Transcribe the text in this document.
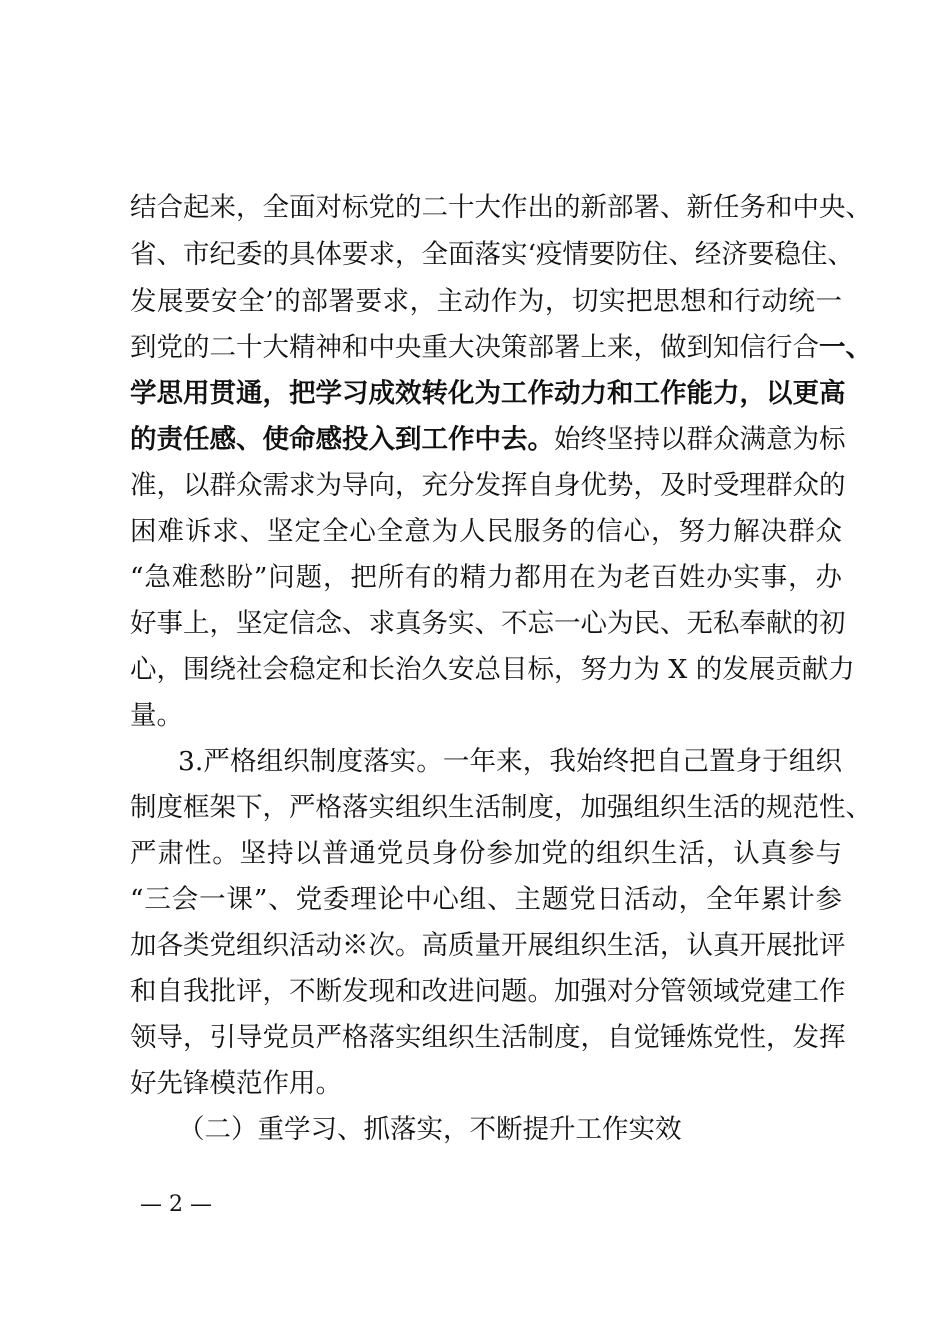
结合起来，全面对标党的二十大作出的新部署、新任务和中央、
省、市纪委的具体要求，全面落实‘疫情要防住、经济要稳住、
发展要安全’的部署要求，主动作为，切实把思想和行动统一
到党的二十大精神和中央重大决策部署上来，做到知信行合一、
学思用贯通，把学习成效转化为工作动力和工作能力，以更高
的责任感、使命感投入到工作中去。始终坚持以群众满意为标
准，以群众需求为导向，充分发挥自身优势，及时受理群众的
困难诉求、坚定全心全意为人民服务的信心，努力解决群众
“急难愁盼”问题，把所有的精力都用在为老百姓办实事，办
好事上，坚定信念、求真务实、不忘一心为民、无私奉献的初
心，围绕社会稳定和长治久安总目标，努力为 X 的发展贡献力
量。
3.严格组织制度落实。一年来，我始终把自己置身于组织
制度框架下，严格落实组织生活制度，加强组织生活的规范性、
严肃性。坚持以普通党员身份参加党的组织生活，认真参与
“三会一课”、党委理论中心组、主题党日活动，全年累计参
加各类党组织活动※次。高质量开展组织生活，认真开展批评
和自我批评，不断发现和改进问题。加强对分管领域党建工作
领导，引导党员严格落实组织生活制度，自觉锤炼党性，发挥
好先锋模范作用。
（二）重学习、抓落实，不断提升工作实效
— 2 —
